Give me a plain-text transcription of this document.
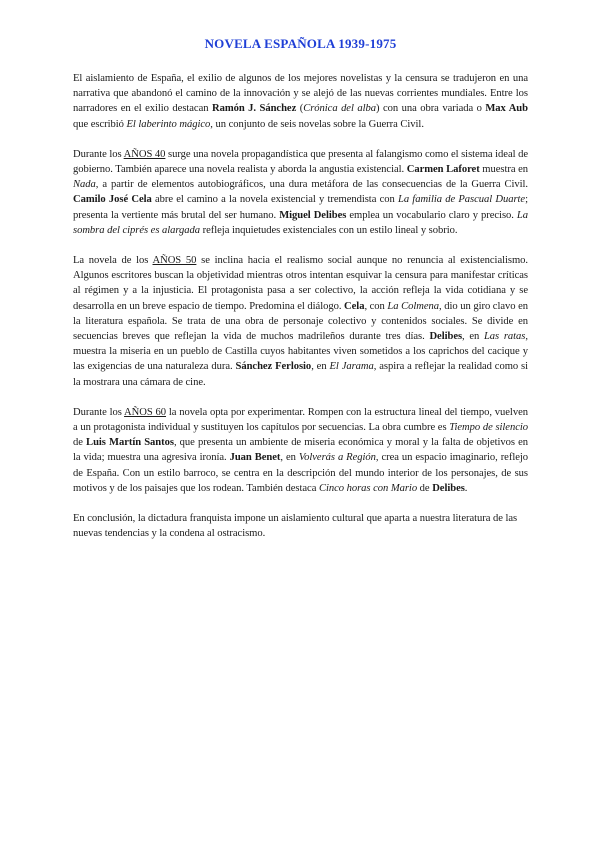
NOVELA ESPAÑOLA 1939-1975

El aislamiento de España, el exilio de algunos de los mejores novelistas y la censura se tradujeron en una narrativa que abandonó el camino de la innovación y se alejó de las nuevas corrientes mundiales. Entre los narradores en el exilio destacan Ramón J. Sánchez (Crónica del alba) con una obra variada o Max Aub que escribió El laberinto mágico, un conjunto de seis novelas sobre la Guerra Civil.

Durante los AÑOS 40 surge una novela propagandística que presenta al falangismo como el sistema ideal de gobierno. También aparece una novela realista y aborda la angustia existencial. Carmen Laforet muestra en Nada, a partir de elementos autobiográficos, una dura metáfora de las consecuencias de la Guerra Civil. Camilo José Cela abre el camino a la novela existencial y tremendista con La familia de Pascual Duarte; presenta la vertiente más brutal del ser humano. Miguel Delibes emplea un vocabulario claro y preciso. La sombra del ciprés es alargada refleja inquietudes existenciales con un estilo lineal y sobrio.

La novela de los AÑOS 50 se inclina hacia el realismo social aunque no renuncia al existencialismo. Algunos escritores buscan la objetividad mientras otros intentan esquivar la censura para manifestar críticas al régimen y a la injusticia. El protagonista pasa a ser colectivo, la acción refleja la vida cotidiana y se desarrolla en un breve espacio de tiempo. Predomina el diálogo. Cela, con La Colmena, dio un giro clavo en la literatura española. Se trata de una obra de personaje colectivo y contenidos sociales. Se divide en secuencias breves que reflejan la vida de muchos madrileños durante tres días. Delibes, en Las ratas, muestra la miseria en un pueblo de Castilla cuyos habitantes viven sometidos a los caprichos del cacique y las exigencias de una naturaleza dura. Sánchez Ferlosio, en El Jarama, aspira a reflejar la realidad como si la mostrara una cámara de cine.

Durante los AÑOS 60 la novela opta por experimentar. Rompen con la estructura lineal del tiempo, vuelven a un protagonista individual y sustituyen los capítulos por secuencias. La obra cumbre es Tiempo de silencio de Luis Martín Santos, que presenta un ambiente de miseria económica y moral y la falta de objetivos en la vida; muestra una agresiva ironía. Juan Benet, en Volverás a Región, crea un espacio imaginario, reflejo de España. Con un estilo barroco, se centra en la descripción del mundo interior de los personajes, de sus motivos y de los paisajes que los rodean. También destaca Cinco horas con Mario de Delibes.

En conclusión, la dictadura franquista impone un aislamiento cultural que aparta a nuestra literatura de las nuevas tendencias y la condena al ostracismo.
